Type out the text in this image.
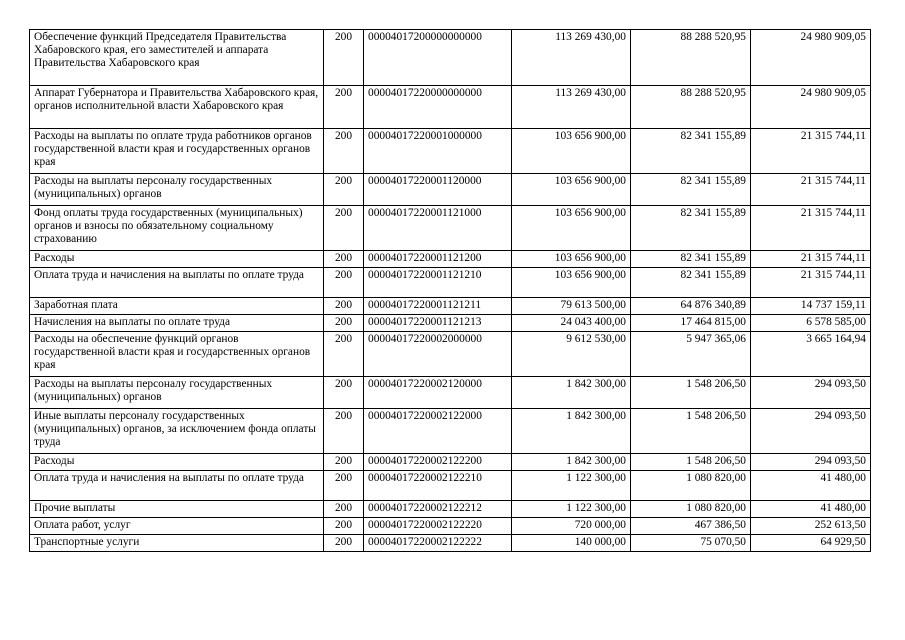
Обеспечение функций Председателя Правительства Хабаровского края, его заместителей и аппарата Правительства Хабаровского края	200	00004017200000000000	113 269 430,00	88 288 520,95	24 980 909,05
Аппарат Губернатора и Правительства Хабаровского края, органов исполнительной власти Хабаровского края	200	00004017220000000000	113 269 430,00	88 288 520,95	24 980 909,05
Расходы на выплаты по оплате труда работников органов государственной власти края и государственных органов края	200	00004017220001000000	103 656 900,00	82 341 155,89	21 315 744,11
Расходы на выплаты персоналу государственных (муниципальных) органов	200	00004017220001120000	103 656 900,00	82 341 155,89	21 315 744,11
Фонд оплаты труда государственных (муниципальных) органов и взносы по обязательному социальному страхованию	200	00004017220001121000	103 656 900,00	82 341 155,89	21 315 744,11
Расходы	200	00004017220001121200	103 656 900,00	82 341 155,89	21 315 744,11
Оплата труда и начисления на выплаты по оплате труда	200	00004017220001121210	103 656 900,00	82 341 155,89	21 315 744,11
Заработная плата	200	00004017220001121211	79 613 500,00	64 876 340,89	14 737 159,11
Начисления на выплаты по оплате труда	200	00004017220001121213	24 043 400,00	17 464 815,00	6 578 585,00
Расходы на обеспечение функций органов государственной власти края и государственных органов края	200	00004017220002000000	9 612 530,00	5 947 365,06	3 665 164,94
Расходы на выплаты персоналу государственных (муниципальных) органов	200	00004017220002120000	1 842 300,00	1 548 206,50	294 093,50
Иные выплаты персоналу государственных (муниципальных) органов, за исключением фонда оплаты труда	200	00004017220002122000	1 842 300,00	1 548 206,50	294 093,50
Расходы	200	00004017220002122200	1 842 300,00	1 548 206,50	294 093,50
Оплата труда и начисления на выплаты по оплате труда	200	00004017220002122210	1 122 300,00	1 080 820,00	41 480,00
Прочие выплаты	200	00004017220002122212	1 122 300,00	1 080 820,00	41 480,00
Оплата работ, услуг	200	00004017220002122220	720 000,00	467 386,50	252 613,50
Транспортные услуги	200	00004017220002122222	140 000,00	75 070,50	64 929,50
